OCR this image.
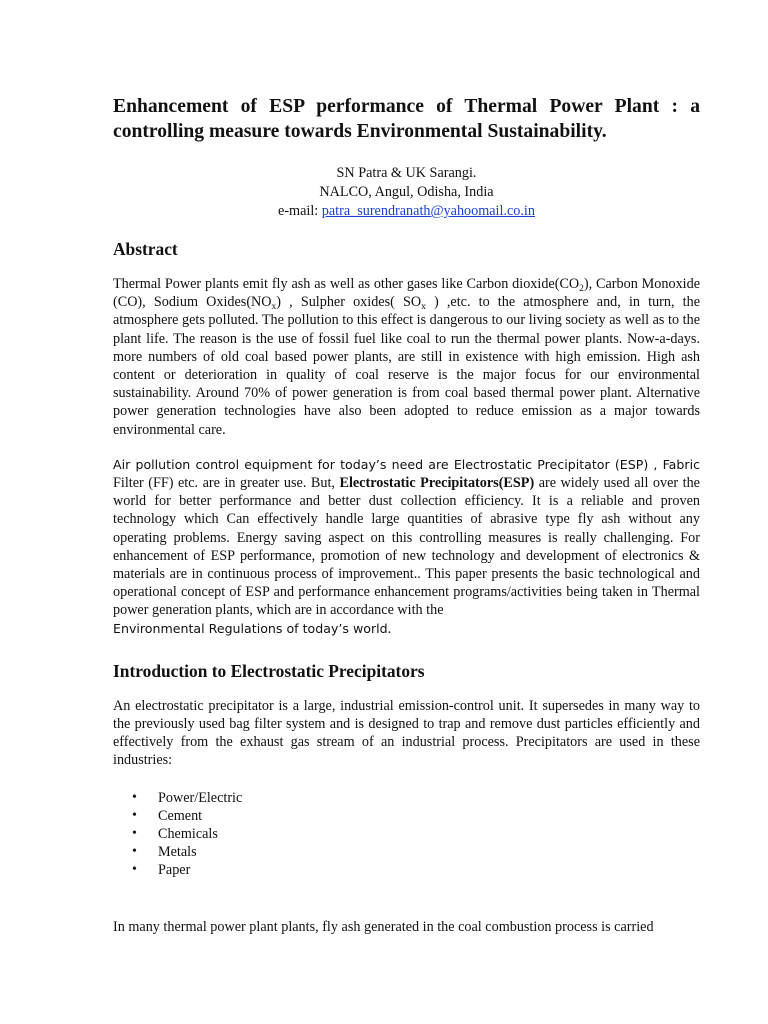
Enhancement of ESP performance of Thermal Power Plant : a controlling measure towards Environmental Sustainability.
SN Patra & UK Sarangi.
NALCO, Angul, Odisha, India
e-mail: patra_surendranath@yahoomail.co.in
Abstract

Thermal Power plants emit fly ash as well as other gases like Carbon $dioxide(CO_2)$, Carbon Monoxide (CO), Sodium $Oxides(NO_x)$ , Sulpher oxides( $SO_x$ ) ,etc. to the atmosphere and, in turn, the atmosphere gets polluted. The pollution to this effect is dangerous to our living society as well as to the plant life. The reason is the use of fossil fuel like coal to run the thermal power plants. Now-a-days. more numbers of old coal based power plants, are still in existence with high emission. High ash content or deterioration in quality of coal reserve is the major focus for our environmental sustainability. Around 70% of power generation is from coal based thermal power plant. Alternative power generation technologies have also been adopted to reduce emission as a major towards environmental care.

Air pollution control equipment for today’s need are Electrostatic Precipitator (ESP) , Fabric Filter (FF) etc. are in greater use. But, Electrostatic Precipitators(ESP) are widely used all over the world for better performance and better dust collection efficiency. It is a reliable and proven technology which Can effectively handle large quantities of abrasive type fly ash without any operating problems. Energy saving aspect on this controlling measures is really challenging. For enhancement of ESP performance, promotion of new technology and development of electronics & materials are in continuous process of improvement.. This paper presents the basic technological and operational concept of ESP and performance enhancement programs/activities being taken in Thermal power generation plants, which are in accordance with the

Environmental Regulations of today’s world.

Introduction to Electrostatic Precipitators

An electrostatic precipitator is a large, industrial emission-control unit. It supersedes in many way to the previously used bag filter system and is designed to trap and remove dust particles efficiently and effectively from the exhaust gas stream of an industrial process. Precipitators are used in these industries:

• Power/Electric
• Cement
• Chemicals
• Metals
• Paper

In many thermal power plant plants, fly ash generated in the coal combustion process is carried
